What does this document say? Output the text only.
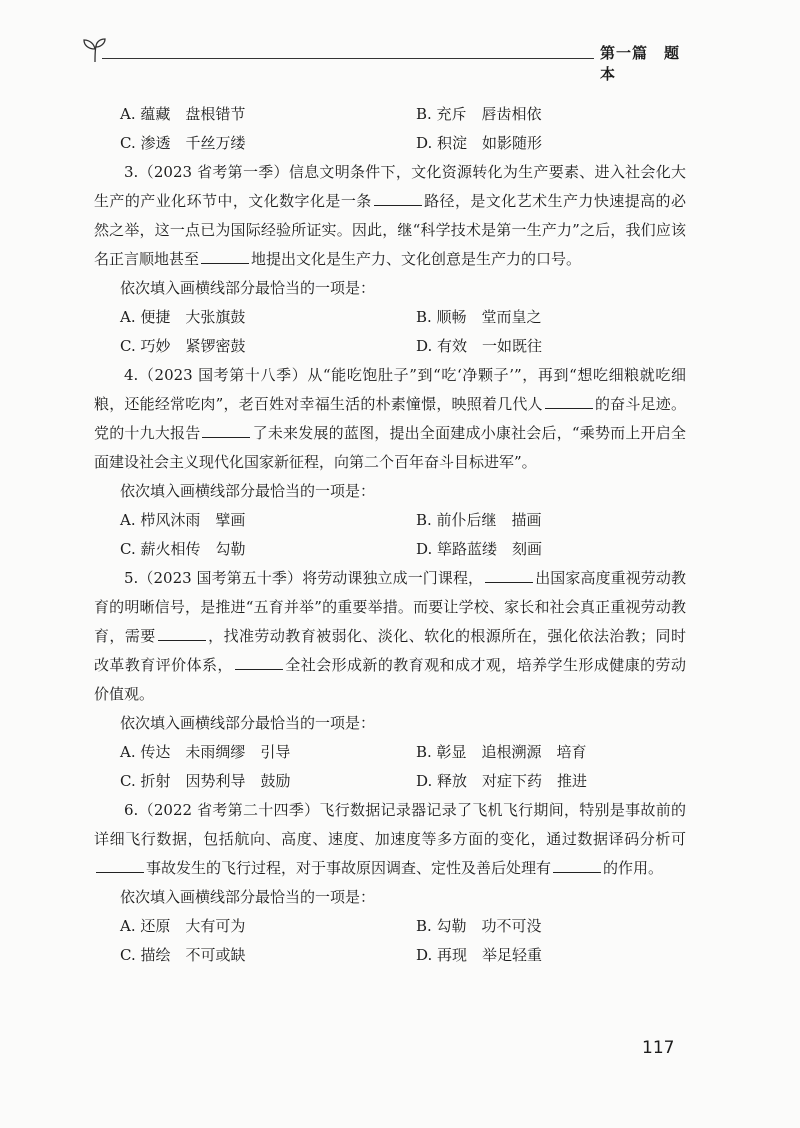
第一篇　题本
A. 蕴藏　盘根错节	B. 充斥　唇齿相依
C. 渗透　千丝万缕	D. 积淀　如影随形

3.（2023 省考第一季）信息文明条件下，文化资源转化为生产要素、进入社会化大生产的产业化环节中，文化数字化是一条	路径，是文化艺术生产力快速提高的必然之举，这一点已为国际经验所证实。因此，继“科学技术是第一生产力”之后，我们应该名正言顺地甚至	地提出文化是生产力、文化创意是生产力的口号。

依次填入画横线部分最恰当的一项是：

A. 便捷　大张旗鼓	B. 顺畅　堂而皇之
C. 巧妙　紧锣密鼓	D. 有效　一如既往

4.（2023 国考第十八季）从“能吃饱肚子”到“吃‘净颗子’”，再到“想吃细粮就吃细粮，还能经常吃肉”，老百姓对幸福生活的朴素憧憬，映照着几代人	的奋斗足迹。党的十九大报告	了未来发展的蓝图，提出全面建成小康社会后，“乘势而上开启全面建设社会主义现代化国家新征程，向第二个百年奋斗目标进军”。

依次填入画横线部分最恰当的一项是：

A. 栉风沐雨　擘画	B. 前仆后继　描画
C. 薪火相传　勾勒	D. 筚路蓝缕　刻画

5.（2023 国考第五十季）将劳动课独立成一门课程，	出国家高度重视劳动教育的明晰信号，是推进“五育并举”的重要举措。而要让学校、家长和社会真正重视劳动教育，需要	，找准劳动教育被弱化、淡化、软化的根源所在，强化依法治教；同时改革教育评价体系，	全社会形成新的教育观和成才观，培养学生形成健康的劳动价值观。

依次填入画横线部分最恰当的一项是：

A. 传达　未雨绸缪　引导	B. 彰显　追根溯源　培育
C. 折射　因势利导　鼓励	D. 释放　对症下药　推进

6.（2022 省考第二十四季）飞行数据记录器记录了飞机飞行期间，特别是事故前的详细飞行数据，包括航向、高度、速度、加速度等多方面的变化，通过数据译码分析可事故发生的飞行过程，对于事故原因调查、定性及善后处理有	的作用。

依次填入画横线部分最恰当的一项是：

A. 还原　大有可为	B. 勾勒　功不可没
C. 描绘　不可或缺	D. 再现　举足轻重
117
